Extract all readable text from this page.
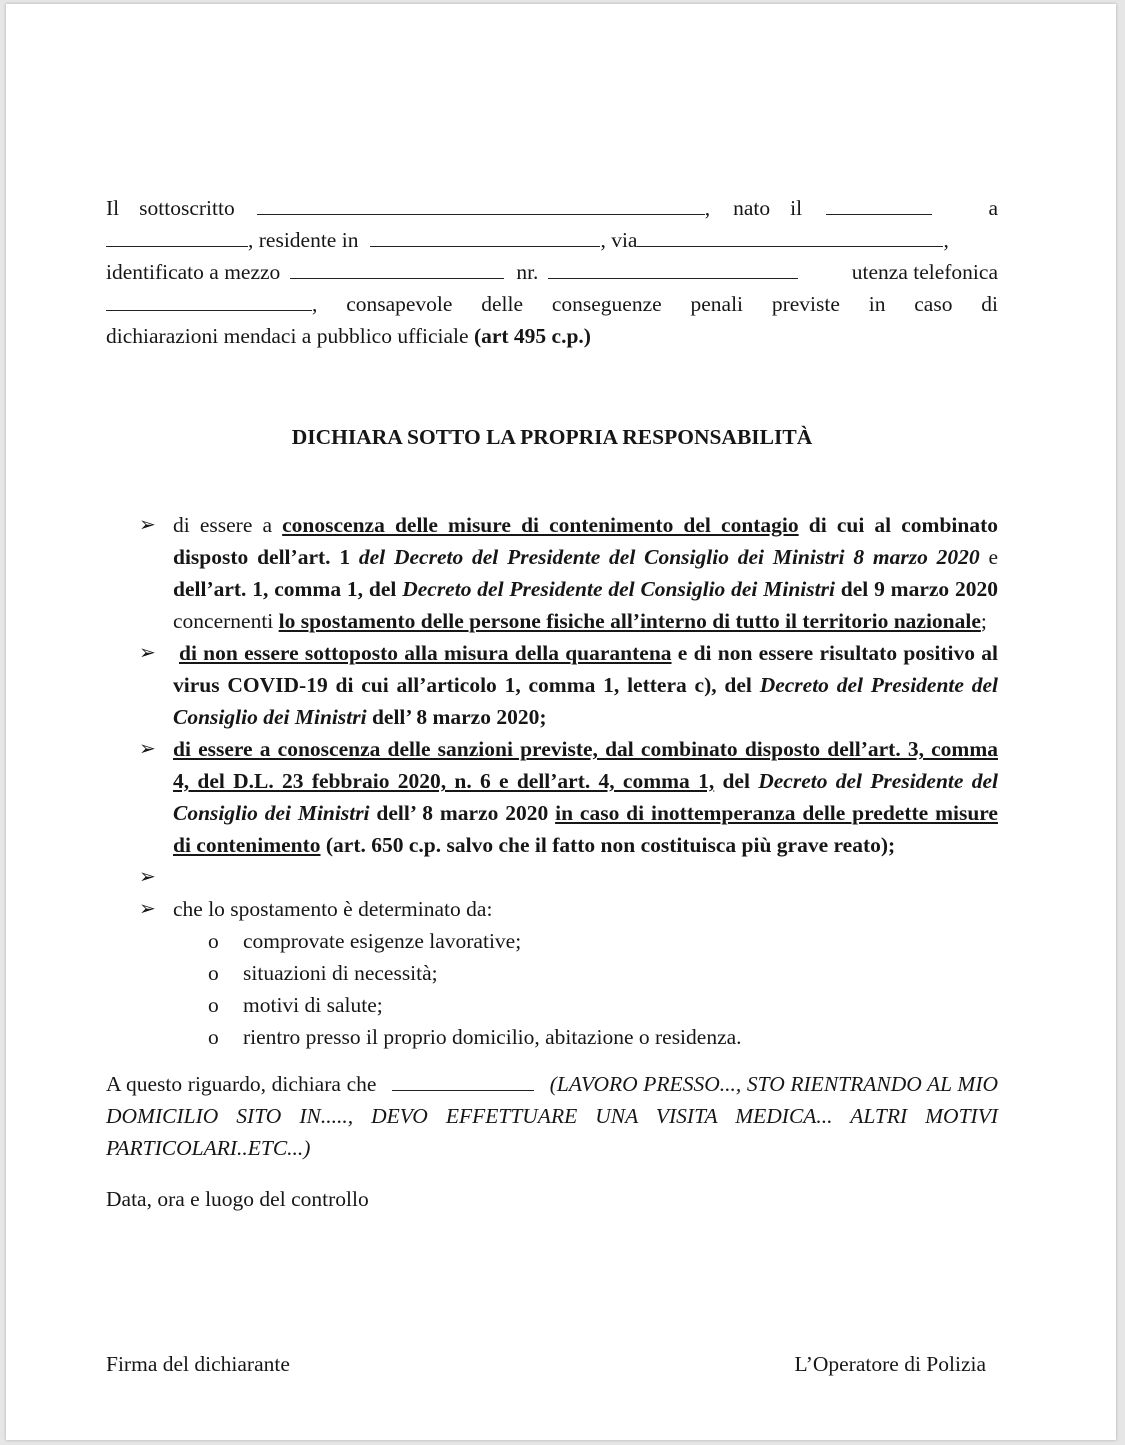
Il sottoscritto	, nato il	a

, residente in	, via	,

identificato a mezzo	nr.	utenza telefonica

, consapevole delle conseguenze penali previste in caso di

dichiarazioni mendaci a pubblico ufficiale (art 495 c.p.)

DICHIARA SOTTO LA PROPRIA RESPONSABILITÀ

➢ di essere a conoscenza delle misure di contenimento del contagio di cui al combinato disposto dell’art. 1 del Decreto del Presidente del Consiglio dei Ministri 8 marzo 2020 e dell’art. 1, comma 1, del Decreto del Presidente del Consiglio dei Ministri del 9 marzo 2020 concernenti lo spostamento delle persone fisiche all’interno di tutto il territorio nazionale;
➢ di non essere sottoposto alla misura della quarantena e di non essere risultato positivo al virus COVID-19 di cui all’articolo 1, comma 1, lettera c), del Decreto del Presidente del Consiglio dei Ministri dell’ 8 marzo 2020;
➢ di essere a conoscenza delle sanzioni previste, dal combinato disposto dell’art. 3, comma 4, del D.L. 23 febbraio 2020, n. 6 e dell’art. 4, comma 1, del Decreto del Presidente del Consiglio dei Ministri dell’ 8 marzo 2020 in caso di inottemperanza delle predette misure di contenimento (art. 650 c.p. salvo che il fatto non costituisca più grave reato);
➢

➢ che lo spostamento è determinato da:
o comprovate esigenze lavorative;
o situazioni di necessità;
o motivi di salute;
o rientro presso il proprio domicilio, abitazione o residenza.

A questo riguardo, dichiara che	(LAVORO PRESSO..., STO RIENTRANDO AL MIO DOMICILIO SITO IN....., DEVO EFFETTUARE UNA VISITA MEDICA... ALTRI MOTIVI PARTICOLARI..ETC...)

Data, ora e luogo del controllo

Firma del dichiarante	L’Operatore di Polizia
